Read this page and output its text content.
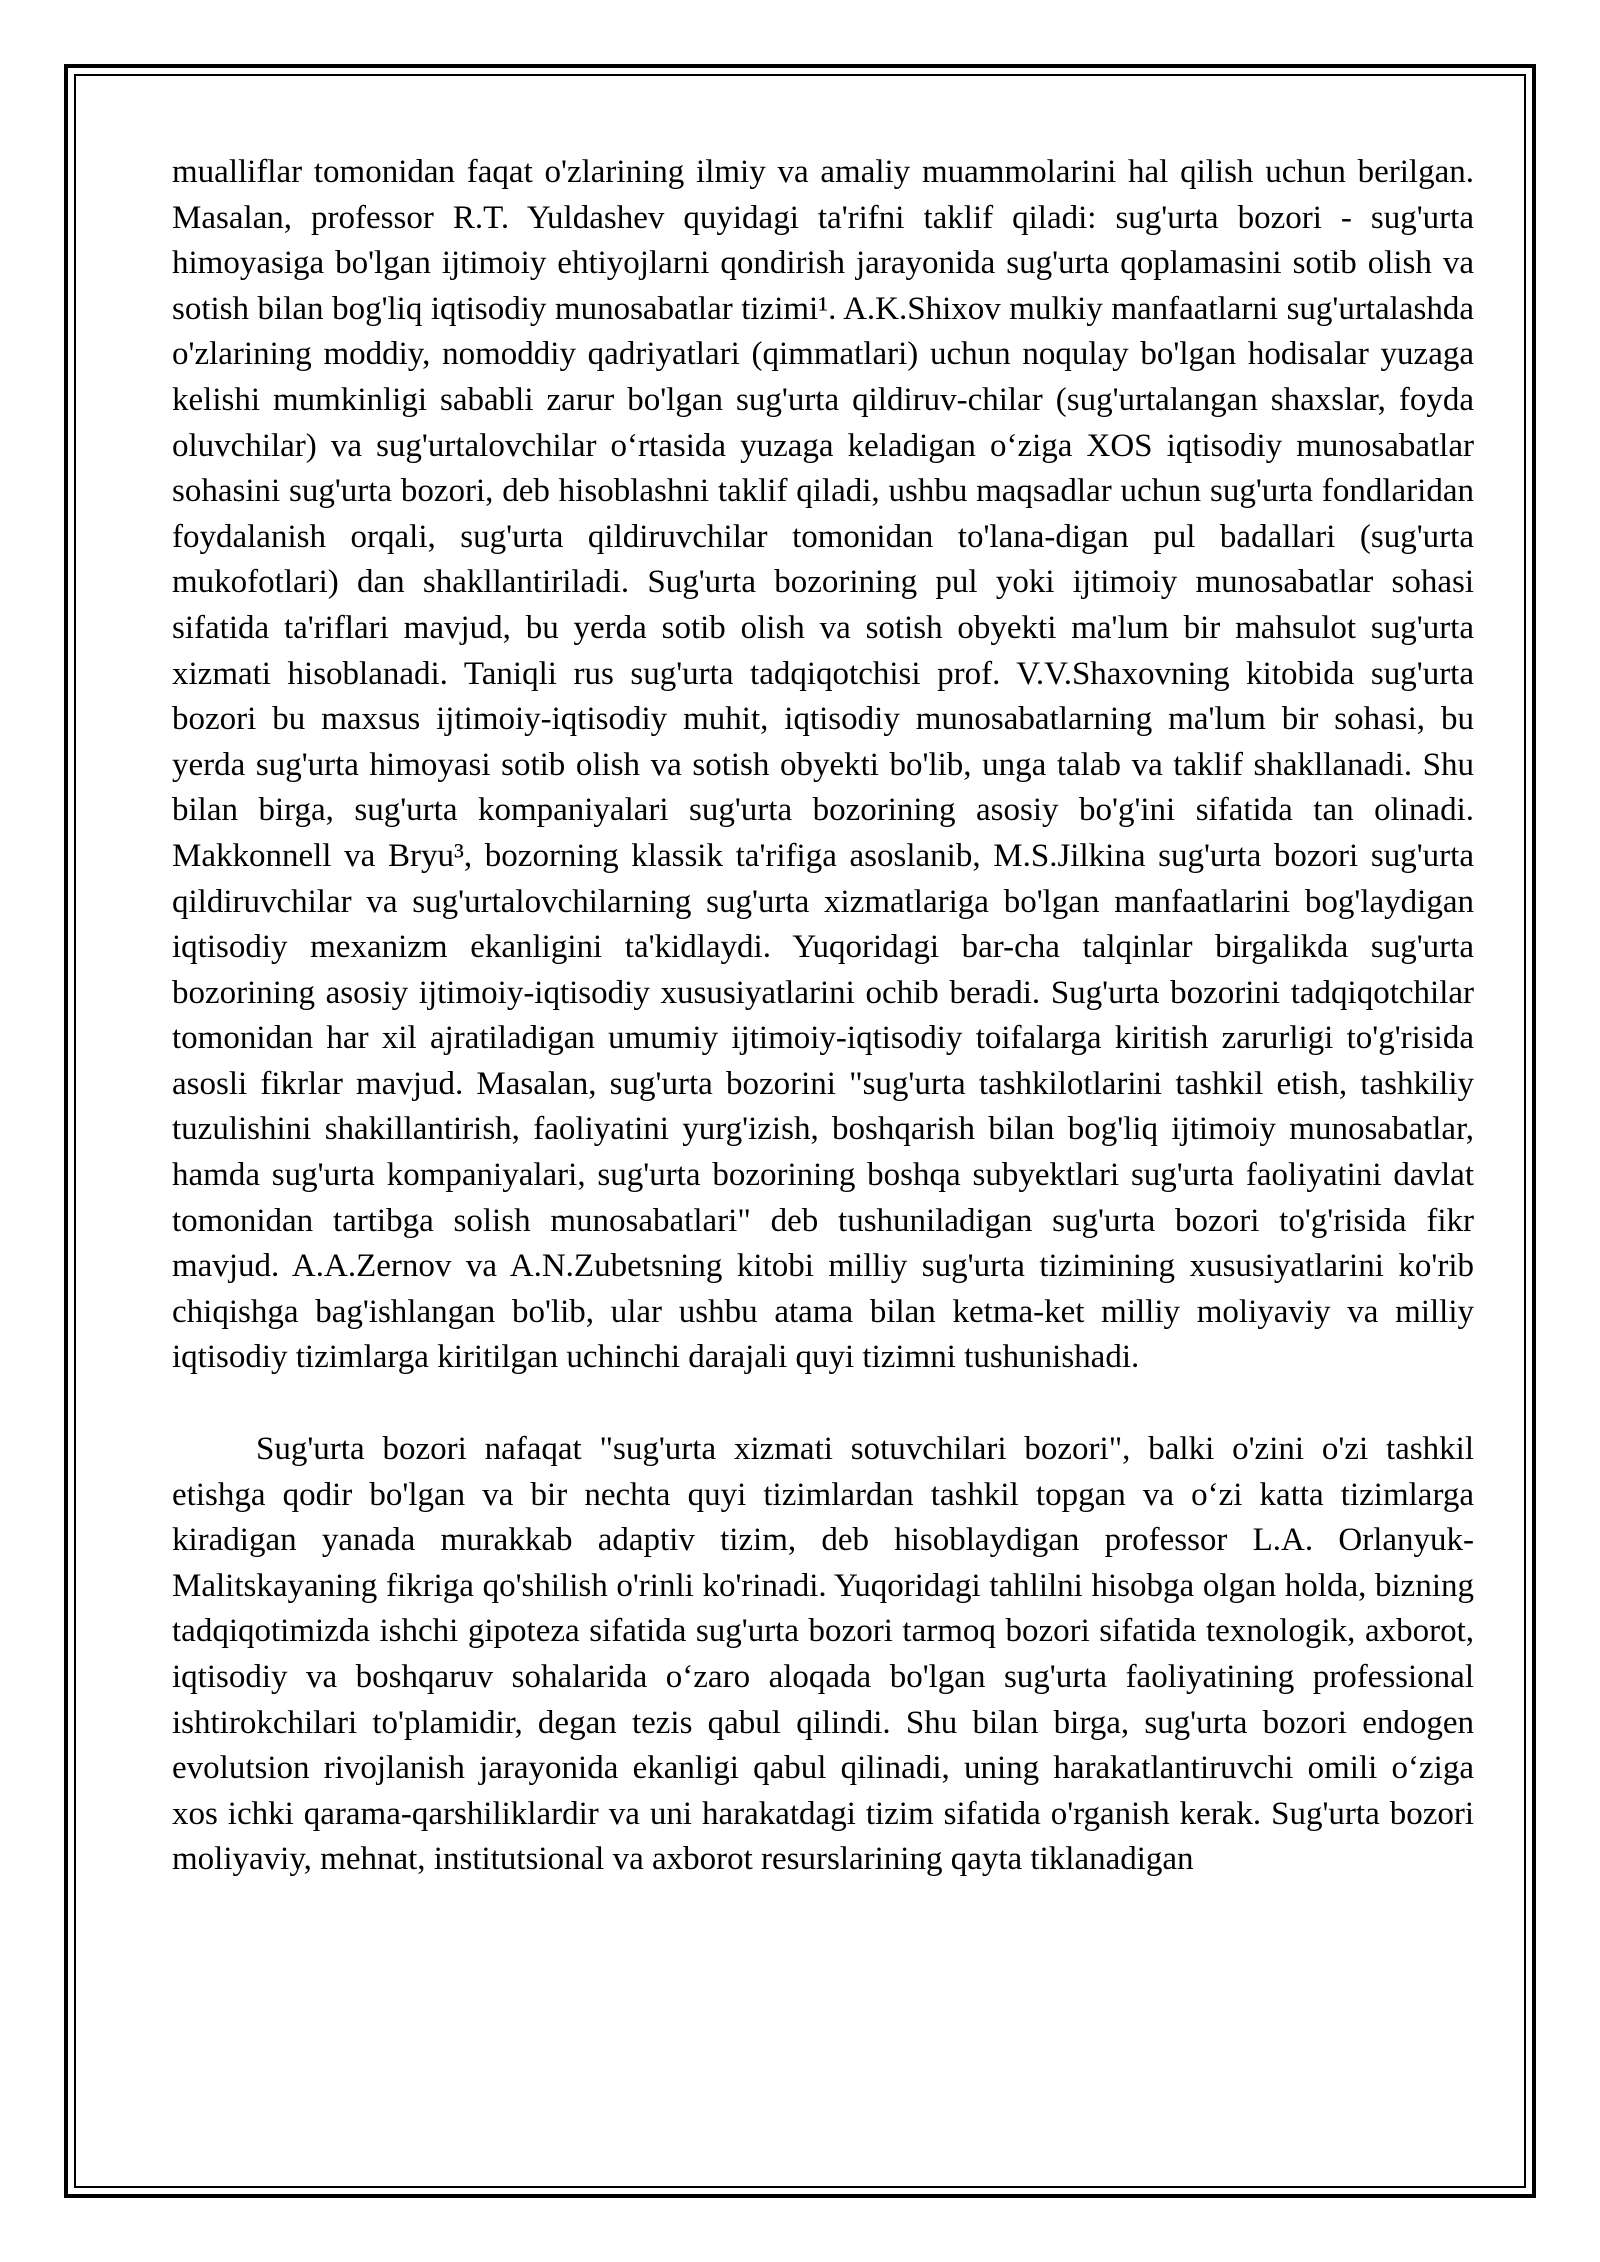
mualliflar tomonidan faqat o'zlarining ilmiy va amaliy muammolarini hal qilish uchun berilgan. Masalan, professor R.T. Yuldashev quyidagi ta'rifni taklif qiladi: sug'urta bozori - sug'urta himoyasiga bo'lgan ijtimoiy ehtiyojlarni qondirish jarayonida sug'urta qoplamasini sotib olish va sotish bilan bog'liq iqtisodiy munosabatlar tizimi¹. A.K.Shixov mulkiy manfaatlarni sug'urtalashda o'zlarining moddiy, nomoddiy qadriyatlari (qimmatlari) uchun noqulay bo'lgan hodisalar yuzaga kelishi mumkinligi sababli zarur bo'lgan sug'urta qildiruv-chilar (sug'urtalangan shaxslar, foyda oluvchilar) va sug'urtalovchilar o‘rtasida yuzaga keladigan o‘ziga XOS iqtisodiy munosabatlar sohasini sug'urta bozori, deb hisoblashni taklif qiladi, ushbu maqsadlar uchun sug'urta fondlaridan foydalanish orqali, sug'urta qildiruvchilar tomonidan to'lana-digan pul badallari (sug'urta mukofotlari) dan shakllantiriladi. Sug'urta bozorining pul yoki ijtimoiy munosabatlar sohasi sifatida ta'riflari mavjud, bu yerda sotib olish va sotish obyekti ma'lum bir mahsulot sug'urta xizmati hisoblanadi. Taniqli rus sug'urta tadqiqotchisi prof. V.V.Shaxovning kitobida sug'urta bozori bu maxsus ijtimoiy-iqtisodiy muhit, iqtisodiy munosabatlarning ma'lum bir sohasi, bu yerda sug'urta himoyasi sotib olish va sotish obyekti bo'lib, unga talab va taklif shakllanadi. Shu bilan birga, sug'urta kompaniyalari sug'urta bozorining asosiy bo'g'ini sifatida tan olinadi. Makkonnell va Bryu³, bozorning klassik ta'rifiga asoslanib, M.S.Jilkina sug'urta bozori sug'urta qildiruvchilar va sug'urtalovchilarning sug'urta xizmatlariga bo'lgan manfaatlarini bog'laydigan iqtisodiy mexanizm ekanligini ta'kidlaydi. Yuqoridagi bar-cha talqinlar birgalikda sug'urta bozorining asosiy ijtimoiy-iqtisodiy xususiyatlarini ochib beradi. Sug'urta bozorini tadqiqotchilar tomonidan har xil ajratiladigan umumiy ijtimoiy-iqtisodiy toifalarga kiritish zarurligi to'g'risida asosli fikrlar mavjud. Masalan, sug'urta bozorini "sug'urta tashkilotlarini tashkil etish, tashkiliy tuzulishini shakillantirish, faoliyatini yurg'izish, boshqarish bilan bog'liq ijtimoiy munosabatlar, hamda sug'urta kompaniyalari, sug'urta bozorining boshqa subyektlari sug'urta faoliyatini davlat tomonidan tartibga solish munosabatlari" deb tushuniladigan sug'urta bozori to'g'risida fikr mavjud. A.A.Zernov va A.N.Zubetsning kitobi milliy sug'urta tizimining xususiyatlarini ko'rib chiqishga bag'ishlangan bo'lib, ular ushbu atama bilan ketma-ket milliy moliyaviy va milliy iqtisodiy tizimlarga kiritilgan uchinchi darajali quyi tizimni tushunishadi.

Sug'urta bozori nafaqat "sug'urta xizmati sotuvchilari bozori", balki o'zini o'zi tashkil etishga qodir bo'lgan va bir nechta quyi tizimlardan tashkil topgan va o‘zi katta tizimlarga kiradigan yanada murakkab adaptiv tizim, deb hisoblaydigan professor L.A. Orlanyuk-Malitskayaning fikriga qo'shilish o'rinli ko'rinadi. Yuqoridagi tahlilni hisobga olgan holda, bizning tadqiqotimizda ishchi gipoteza sifatida sug'urta bozori tarmoq bozori sifatida texnologik, axborot, iqtisodiy va boshqaruv sohalarida o‘zaro aloqada bo'lgan sug'urta faoliyatining professional ishtirokchilari to'plamidir, degan tezis qabul qilindi. Shu bilan birga, sug'urta bozori endogen evolutsion rivojlanish jarayonida ekanligi qabul qilinadi, uning harakatlantiruvchi omili o‘ziga xos ichki qarama-qarshiliklardir va uni harakatdagi tizim sifatida o'rganish kerak. Sug'urta bozori moliyaviy, mehnat, institutsional va axborot resurslarining qayta tiklanadigan
